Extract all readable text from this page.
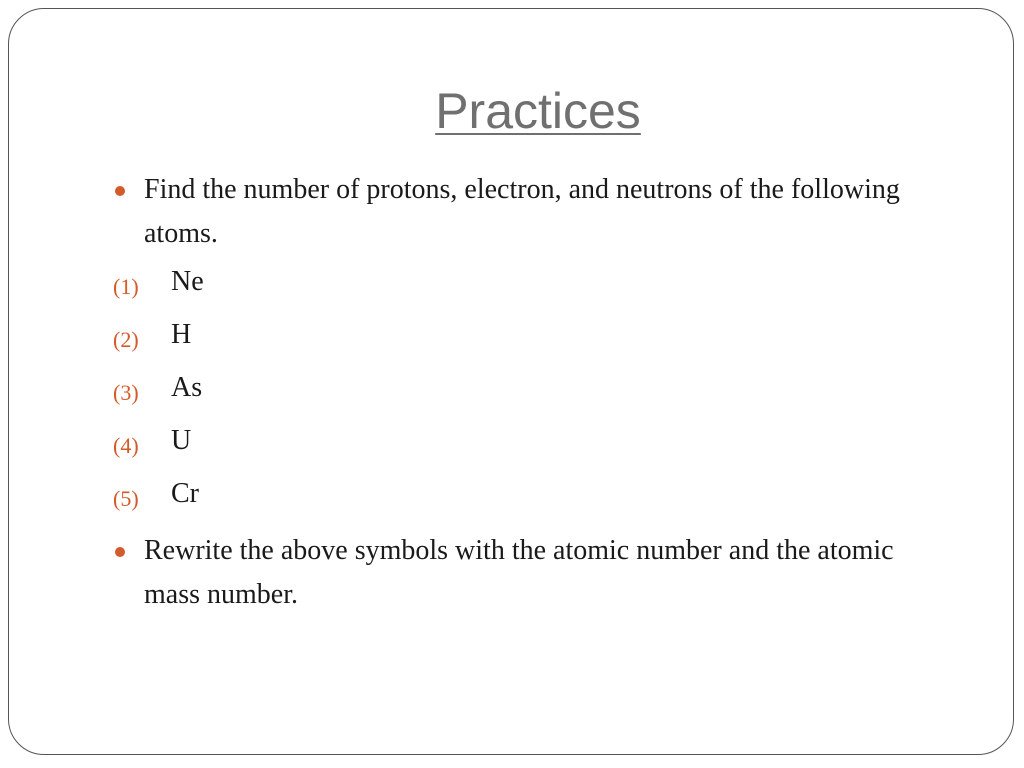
Practices
Find the number of protons, electron, and neutrons of the following atoms.
(1) Ne
(2) H
(3) As
(4) U
(5) Cr
Rewrite the above symbols with the atomic number and the atomic mass number.
